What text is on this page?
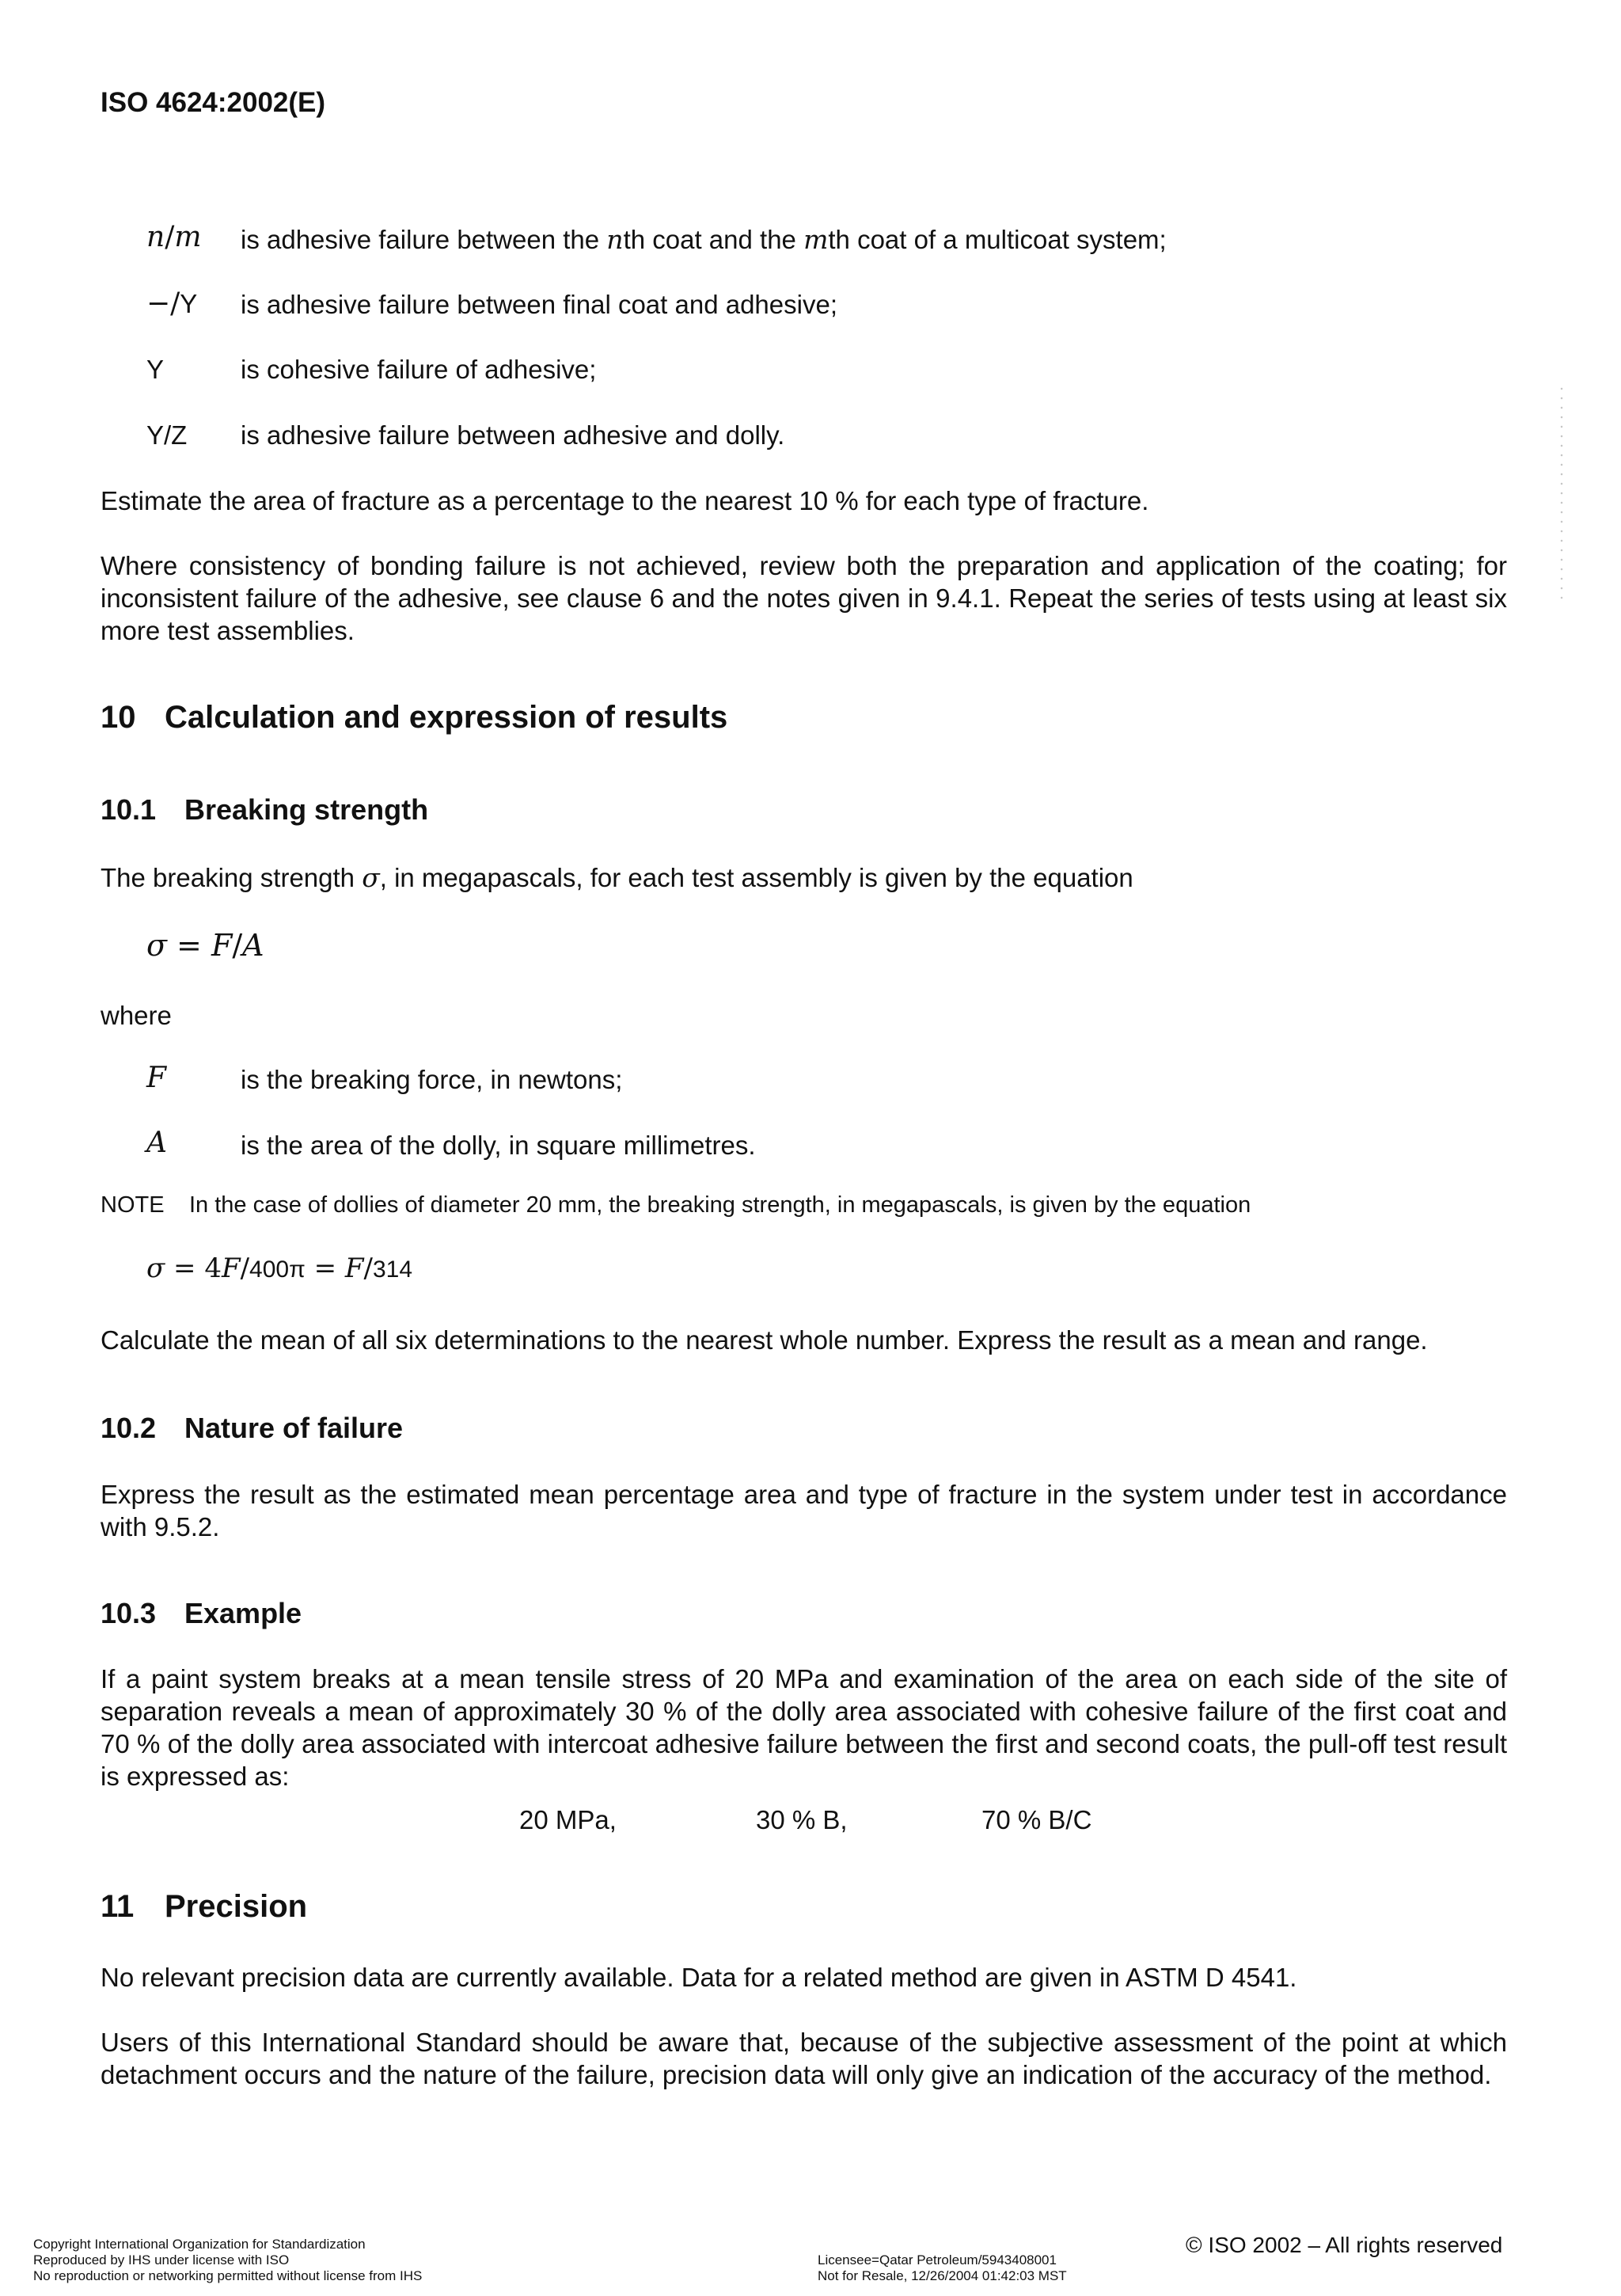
ISO 4624:2002(E)
n/m is adhesive failure between the nth coat and the mth coat of a multicoat system;
−/Y is adhesive failure between final coat and adhesive;
Y	is cohesive failure of adhesive;
Y/Z is adhesive failure between adhesive and dolly.
Estimate the area of fracture as a percentage to the nearest 10 % for each type of fracture.

Where consistency of bonding failure is not achieved, review both the preparation and application of the coating; for inconsistent failure of the adhesive, see clause 6 and the notes given in 9.4.1. Repeat the series of tests using at least six more test assemblies.

10 Calculation and expression of results
10.1 Breaking strength
The breaking strength σ, in megapascals, for each test assembly is given by the equation
σ = F/A
where
F	is the breaking force, in newtons;
A	is the area of the dolly, in square millimetres.
NOTE In the case of dollies of diameter 20 mm, the breaking strength, in megapascals, is given by the equation
σ = 4F/400π = F/314
Calculate the mean of all six determinations to the nearest whole number. Express the result as a mean and range.
10.2 Nature of failure

Express the result as the estimated mean percentage area and type of fracture in the system under test in accordance with 9.5.2.

10.3 Example

If a paint system breaks at a mean tensile stress of 20 MPa and examination of the area on each side of the site of separation reveals a mean of approximately 30 % of the dolly area associated with cohesive failure of the first coat and 70 % of the dolly area associated with intercoat adhesive failure between the first and second coats, the pull-off test result is expressed as:

20 MPa,	30 % B,	70 % B/C
11 Precision
No relevant precision data are currently available. Data for a related method are given in ASTM D 4541.

Users of this International Standard should be aware that, because of the subjective assessment of the point at which detachment occurs and the nature of the failure, precision data will only give an indication of the accuracy of the method.

Copyright International Organization for Standardization
Reproduced by IHS under license with ISO
No reproduction or networking permitted without license from IHS
Licensee=Qatar Petroleum/5943408001
Not for Resale, 12/26/2004 01:42:03 MST
© ISO 2002 – All rights reserved
